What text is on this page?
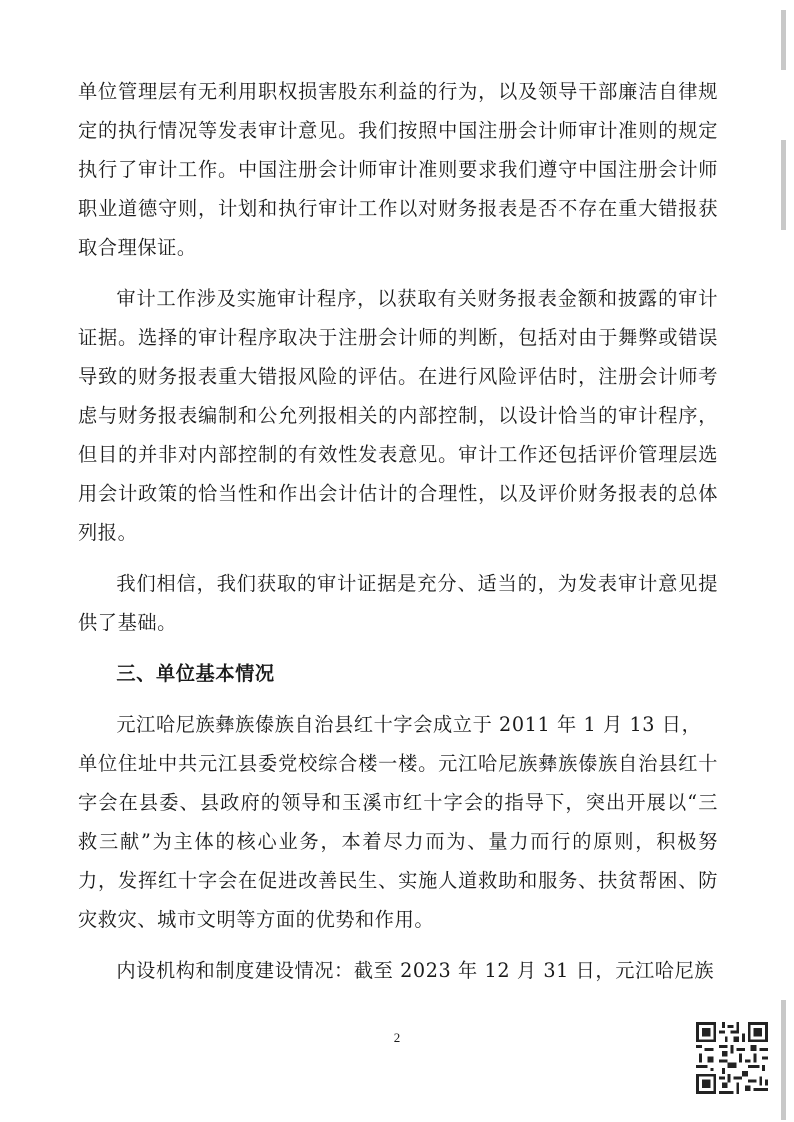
单位管理层有无利用职权损害股东利益的行为，以及领导干部廉洁自律规定的执行情况等发表审计意见。我们按照中国注册会计师审计准则的规定执行了审计工作。中国注册会计师审计准则要求我们遵守中国注册会计师职业道德守则，计划和执行审计工作以对财务报表是否不存在重大错报获取合理保证。

审计工作涉及实施审计程序，以获取有关财务报表金额和披露的审计证据。选择的审计程序取决于注册会计师的判断，包括对由于舞弊或错误导致的财务报表重大错报风险的评估。在进行风险评估时，注册会计师考虑与财务报表编制和公允列报相关的内部控制，以设计恰当的审计程序，但目的并非对内部控制的有效性发表意见。审计工作还包括评价管理层选用会计政策的恰当性和作出会计估计的合理性，以及评价财务报表的总体列报。

我们相信，我们获取的审计证据是充分、适当的，为发表审计意见提供了基础。

三、单位基本情况

元江哈尼族彝族傣族自治县红十字会成立于 2011 年 1 月 13 日，

单位住址中共元江县委党校综合楼一楼。元江哈尼族彝族傣族自治县红十字会在县委、县政府的领导和玉溪市红十字会的指导下，突出开展以“三救三献”为主体的核心业务，本着尽力而为、量力而行的原则，积极努力，发挥红十字会在促进改善民生、实施人道救助和服务、扶贫帮困、防灾救灾、城市文明等方面的优势和作用。

内设机构和制度建设情况：截至 2023 年 12 月 31 日，元江哈尼族

2
